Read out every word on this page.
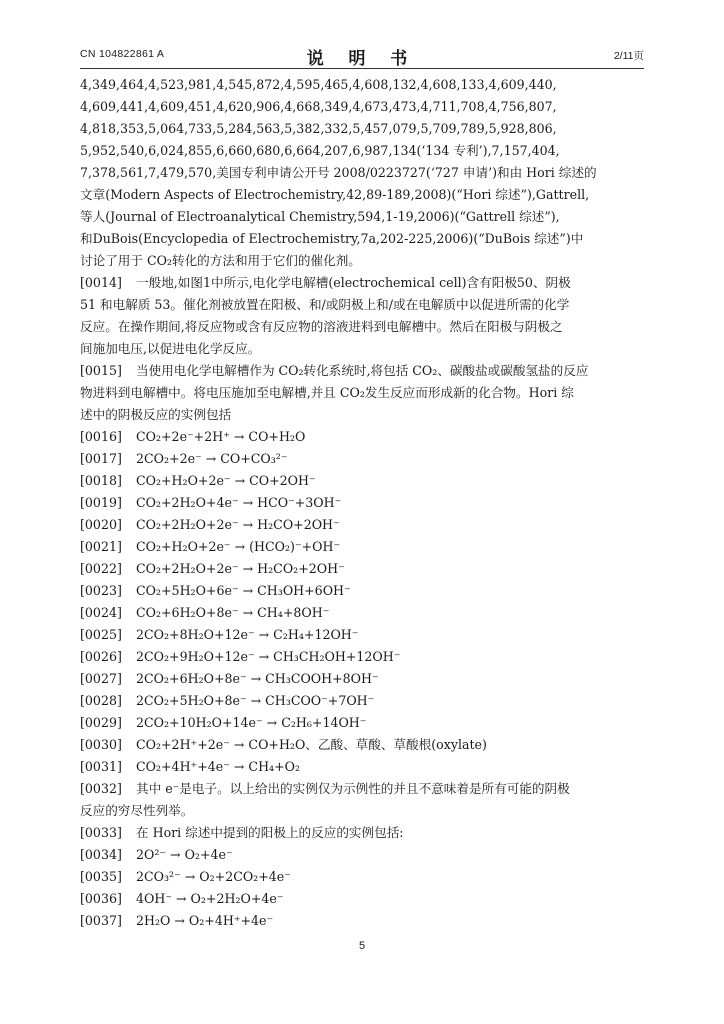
CN 104822861 A	说 明 书	2/11页
4,349,464,4,523,981,4,545,872,4,595,465,4,608,132,4,608,133,4,609,440,
4,609,441,4,609,451,4,620,906,4,668,349,4,673,473,4,711,708,4,756,807,
4,818,353,5,064,733,5,284,563,5,382,332,5,457,079,5,709,789,5,928,806,
5,952,540,6,024,855,6,660,680,6,664,207,6,987,134(‘134 专利’),7,157,404,
7,378,561,7,479,570,美国专利申请公开号 2008/0223727(‘727 申请’)和由 Hori 综述的
文章(Modern Aspects of Electrochemistry,42,89-189,2008)(“Hori 综述”),Gattrell,
等人(Journal of Electroanalytical Chemistry,594,1-19,2006)(“Gattrell 综述”),
和DuBois(Encyclopedia of Electrochemistry,7a,202-225,2006)(“DuBois 综述”)中
讨论了用于 CO₂转化的方法和用于它们的催化剂。
[0014] 一般地,如图1中所示,电化学电解槽(electrochemical cell)含有阳极50、阴极
51 和电解质 53。催化剂被放置在阳极、和/或阴极上和/或在电解质中以促进所需的化学
反应。在操作期间,将反应物或含有反应物的溶液进料到电解槽中。然后在阳极与阴极之
间施加电压,以促进电化学反应。
[0015] 当使用电化学电解槽作为 CO₂转化系统时,将包括 CO₂、碳酸盐或碳酸氢盐的反应
物进料到电解槽中。将电压施加至电解槽,并且 CO₂发生反应而形成新的化合物。Hori 综
述中的阴极反应的实例包括
[0016] CO₂+2e⁻+2H⁺ → CO+H₂O
[0017] 2CO₂+2e⁻ → CO+CO₃²⁻
[0018] CO₂+H₂O+2e⁻ → CO+2OH⁻
[0019] CO₂+2H₂O+4e⁻ → HCO⁻+3OH⁻
[0020] CO₂+2H₂O+2e⁻ → H₂CO+2OH⁻
[0021] CO₂+H₂O+2e⁻ → (HCO₂)⁻+OH⁻
[0022] CO₂+2H₂O+2e⁻ → H₂CO₂+2OH⁻
[0023] CO₂+5H₂O+6e⁻ → CH₃OH+6OH⁻
[0024] CO₂+6H₂O+8e⁻ → CH₄+8OH⁻
[0025] 2CO₂+8H₂O+12e⁻ → C₂H₄+12OH⁻
[0026] 2CO₂+9H₂O+12e⁻ → CH₃CH₂OH+12OH⁻
[0027] 2CO₂+6H₂O+8e⁻ → CH₃COOH+8OH⁻
[0028] 2CO₂+5H₂O+8e⁻ → CH₃COO⁻+7OH⁻
[0029] 2CO₂+10H₂O+14e⁻ → C₂H₆+14OH⁻
[0030] CO₂+2H⁺+2e⁻ → CO+H₂O、乙酸、草酸、草酸根(oxylate)
[0031] CO₂+4H⁺+4e⁻ → CH₄+O₂
[0032] 其中 e⁻是电子。以上给出的实例仅为示例性的并且不意味着是所有可能的阴极
反应的穷尽性列举。
[0033] 在 Hori 综述中提到的阳极上的反应的实例包括:
[0034] 2O²⁻ → O₂+4e⁻
[0035] 2CO₃²⁻ → O₂+2CO₂+4e⁻
[0036] 4OH⁻ → O₂+2H₂O+4e⁻
[0037] 2H₂O → O₂+4H⁺+4e⁻
5
